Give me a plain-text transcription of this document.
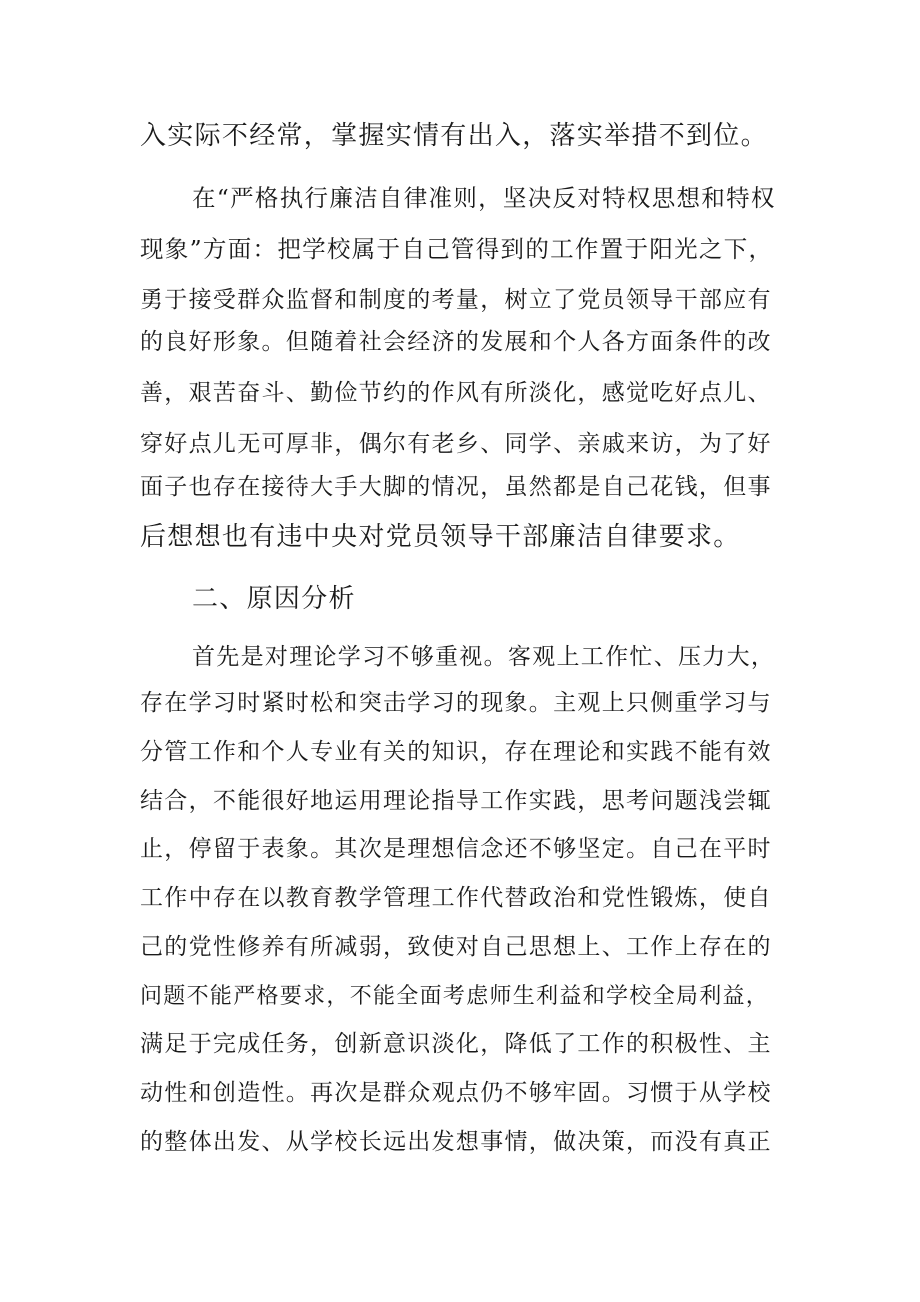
入实际不经常，掌握实情有出入，落实举措不到位。
在“严格执行廉洁自律准则，坚决反对特权思想和特权
现象”方面：把学校属于自己管得到的工作置于阳光之下，
勇于接受群众监督和制度的考量，树立了党员领导干部应有
的良好形象。但随着社会经济的发展和个人各方面条件的改
善，艰苦奋斗、勤俭节约的作风有所淡化，感觉吃好点儿、
穿好点儿无可厚非，偶尔有老乡、同学、亲戚来访，为了好
面子也存在接待大手大脚的情况，虽然都是自己花钱，但事
后想想也有违中央对党员领导干部廉洁自律要求。
二、原因分析
首先是对理论学习不够重视。客观上工作忙、压力大，
存在学习时紧时松和突击学习的现象。主观上只侧重学习与
分管工作和个人专业有关的知识，存在理论和实践不能有效
结合，不能很好地运用理论指导工作实践，思考问题浅尝辄
止，停留于表象。其次是理想信念还不够坚定。自己在平时
工作中存在以教育教学管理工作代替政治和党性锻炼，使自
己的党性修养有所减弱，致使对自己思想上、工作上存在的
问题不能严格要求，不能全面考虑师生利益和学校全局利益，
满足于完成任务，创新意识淡化，降低了工作的积极性、主
动性和创造性。再次是群众观点仍不够牢固。习惯于从学校
的整体出发、从学校长远出发想事情，做决策，而没有真正
